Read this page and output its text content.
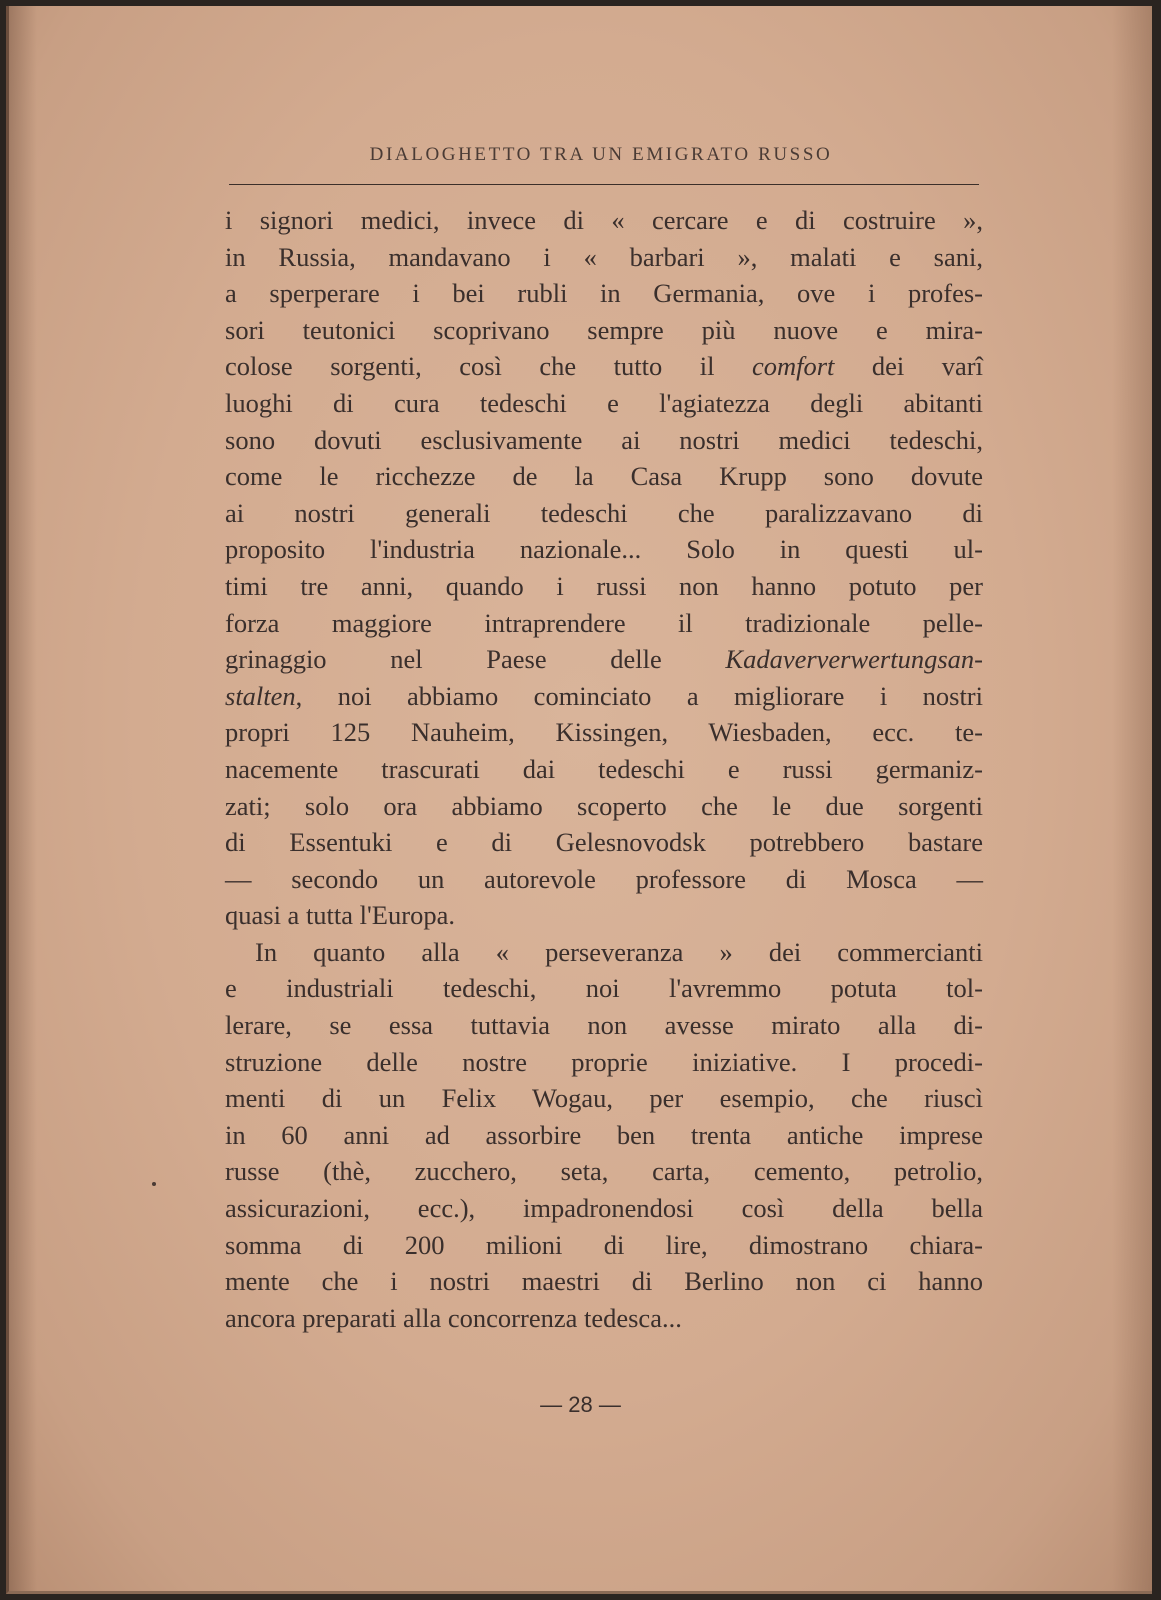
DIALOGHETTO TRA UN EMIGRATO RUSSO
i signori medici, invece di « cercare e di costruire »,
in Russia, mandavano i « barbari », malati e sani,
a sperperare i bei rubli in Germania, ove i profes-
sori teutonici scoprivano sempre più nuove e mira-
colose sorgenti, così che tutto il comfort dei varî
luoghi di cura tedeschi e l'agiatezza degli abitanti
sono dovuti esclusivamente ai nostri medici tedeschi,
come le ricchezze de la Casa Krupp sono dovute
ai nostri generali tedeschi che paralizzavano di
proposito l'industria nazionale... Solo in questi ul-
timi tre anni, quando i russi non hanno potuto per
forza maggiore intraprendere il tradizionale pelle-
grinaggio nel Paese delle Kadaververwertungsan-
stalten, noi abbiamo cominciato a migliorare i nostri
propri 125 Nauheim, Kissingen, Wiesbaden, ecc. te-
nacemente trascurati dai tedeschi e russi germaniz-
zati; solo ora abbiamo scoperto che le due sorgenti
di Essentuki e di Gelesnovodsk potrebbero bastare
— secondo un autorevole professore di Mosca —
quasi a tutta l'Europa.
In quanto alla « perseveranza » dei commercianti
e industriali tedeschi, noi l'avremmo potuta tol-
lerare, se essa tuttavia non avesse mirato alla di-
struzione delle nostre proprie iniziative. I procedi-
menti di un Felix Wogau, per esempio, che riuscì
in 60 anni ad assorbire ben trenta antiche imprese
russe (thè, zucchero, seta, carta, cemento, petrolio,
assicurazioni, ecc.), impadronendosi così della bella
somma di 200 milioni di lire, dimostrano chiara-
mente che i nostri maestri di Berlino non ci hanno
ancora preparati alla concorrenza tedesca...
— 28 —
